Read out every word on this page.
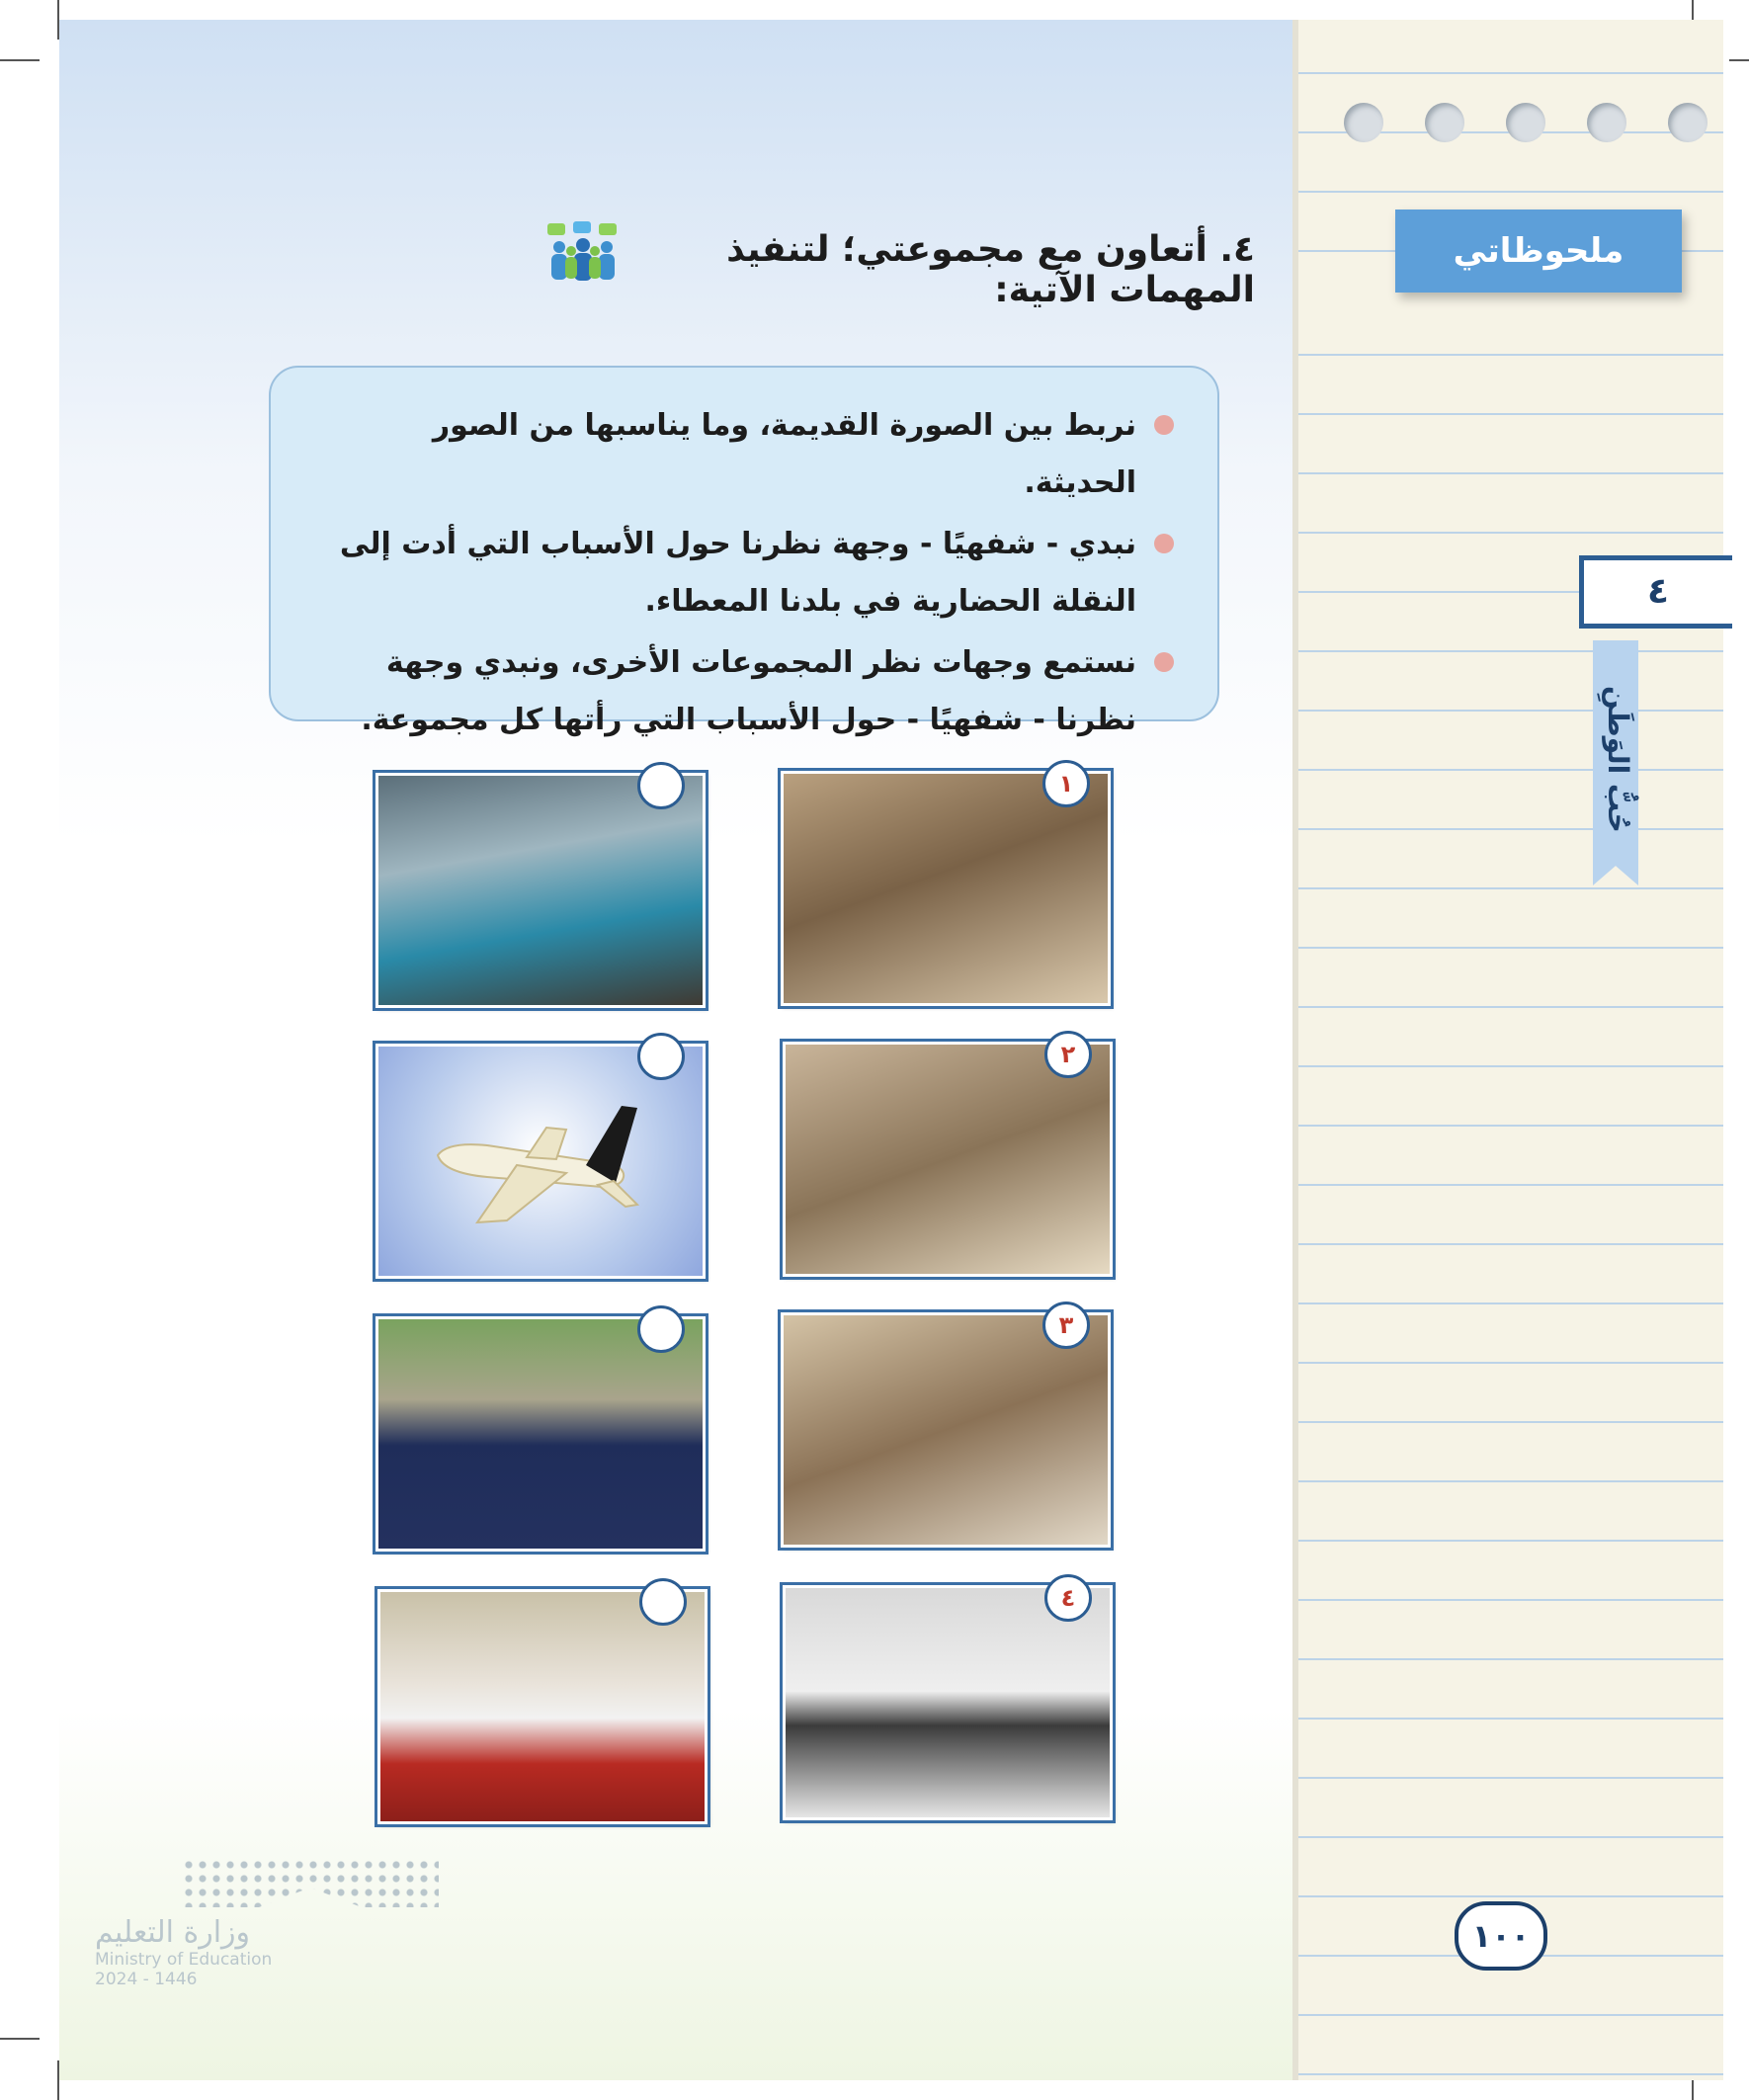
ملحوظاتي
٤
حُبُّ الوَطَنِ
١٠٠
٤. أتعاون مع مجموعتي؛ لتنفيذ المهمات الآتية:
نربط بين الصورة القديمة، وما يناسبها من الصور الحديثة.
نبدي - شفهيًا - وجهة نظرنا حول الأسباب التي أدت إلى النقلة الحضارية في بلدنا المعطاء.
نستمع وجهات نظر المجموعات الأخرى، ونبدي وجهة نظرنا - شفهيًا - حول الأسباب التي رأتها كل مجموعة.
١
٢
٣
٤
وزارة التعليم
Ministry of Education
2024 - 1446
